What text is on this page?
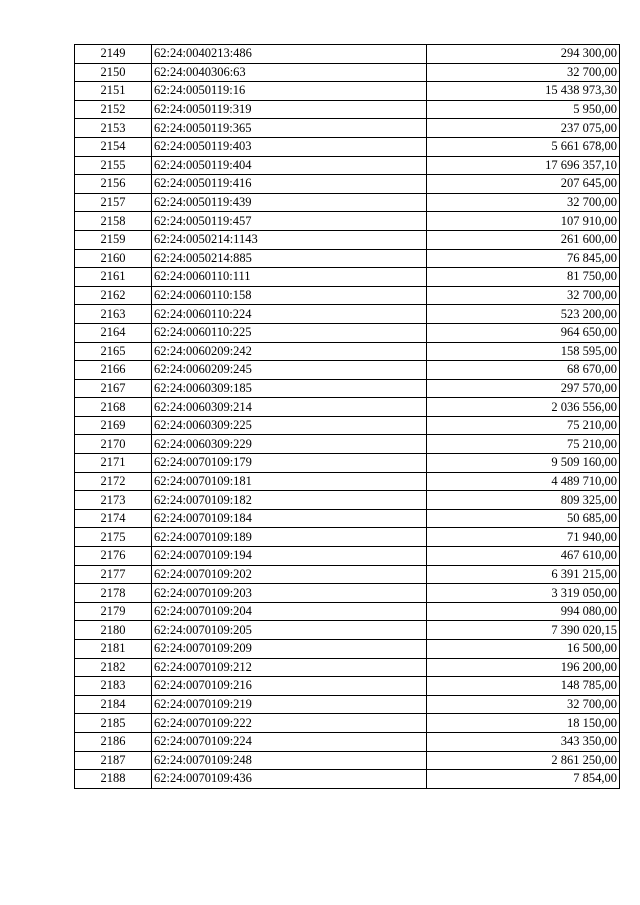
2149	62:24:0040213:486	294 300,00
2150	62:24:0040306:63	32 700,00
2151	62:24:0050119:16	15 438 973,30
2152	62:24:0050119:319	5 950,00
2153	62:24:0050119:365	237 075,00
2154	62:24:0050119:403	5 661 678,00
2155	62:24:0050119:404	17 696 357,10
2156	62:24:0050119:416	207 645,00
2157	62:24:0050119:439	32 700,00
2158	62:24:0050119:457	107 910,00
2159	62:24:0050214:1143	261 600,00
2160	62:24:0050214:885	76 845,00
2161	62:24:0060110:111	81 750,00
2162	62:24:0060110:158	32 700,00
2163	62:24:0060110:224	523 200,00
2164	62:24:0060110:225	964 650,00
2165	62:24:0060209:242	158 595,00
2166	62:24:0060209:245	68 670,00
2167	62:24:0060309:185	297 570,00
2168	62:24:0060309:214	2 036 556,00
2169	62:24:0060309:225	75 210,00
2170	62:24:0060309:229	75 210,00
2171	62:24:0070109:179	9 509 160,00
2172	62:24:0070109:181	4 489 710,00
2173	62:24:0070109:182	809 325,00
2174	62:24:0070109:184	50 685,00
2175	62:24:0070109:189	71 940,00
2176	62:24:0070109:194	467 610,00
2177	62:24:0070109:202	6 391 215,00
2178	62:24:0070109:203	3 319 050,00
2179	62:24:0070109:204	994 080,00
2180	62:24:0070109:205	7 390 020,15
2181	62:24:0070109:209	16 500,00
2182	62:24:0070109:212	196 200,00
2183	62:24:0070109:216	148 785,00
2184	62:24:0070109:219	32 700,00
2185	62:24:0070109:222	18 150,00
2186	62:24:0070109:224	343 350,00
2187	62:24:0070109:248	2 861 250,00
2188	62:24:0070109:436	7 854,00
